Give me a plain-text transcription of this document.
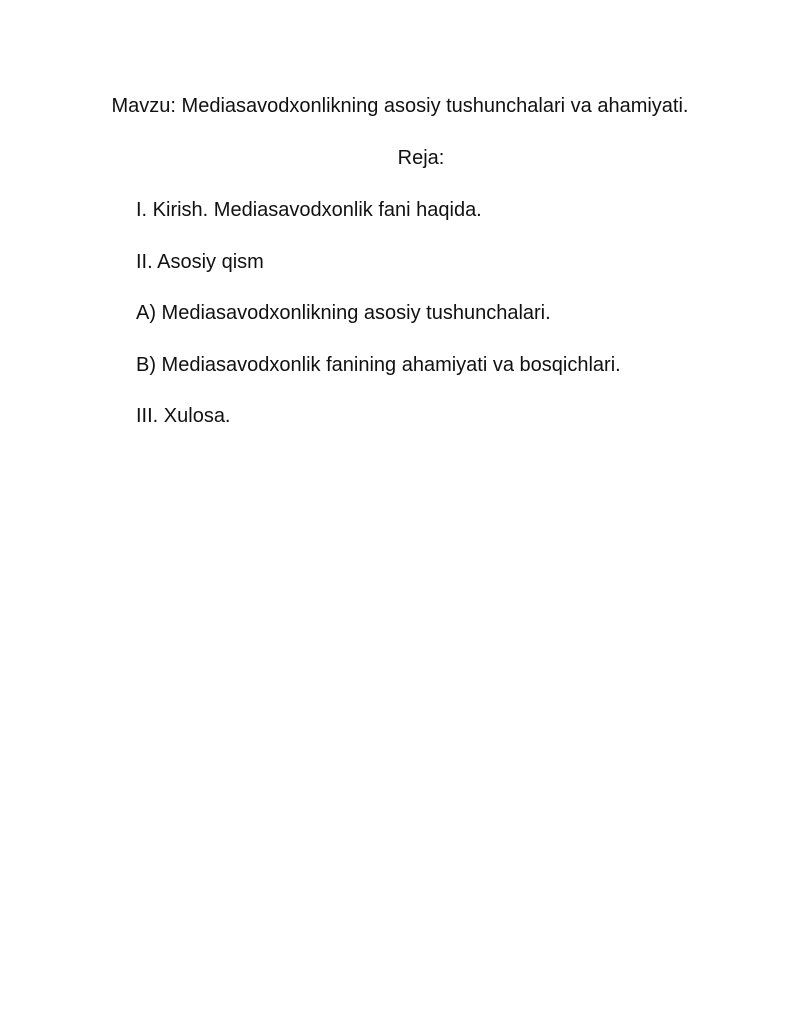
Mavzu: Mediasavodxonlikning asosiy tushunchalari va ahamiyati.
Reja:
I. Kirish. Mediasavodxonlik fani haqida.
II. Asosiy qism
A) Mediasavodxonlikning asosiy tushunchalari.
B) Mediasavodxonlik fanining ahamiyati va bosqichlari.
III. Xulosa.
